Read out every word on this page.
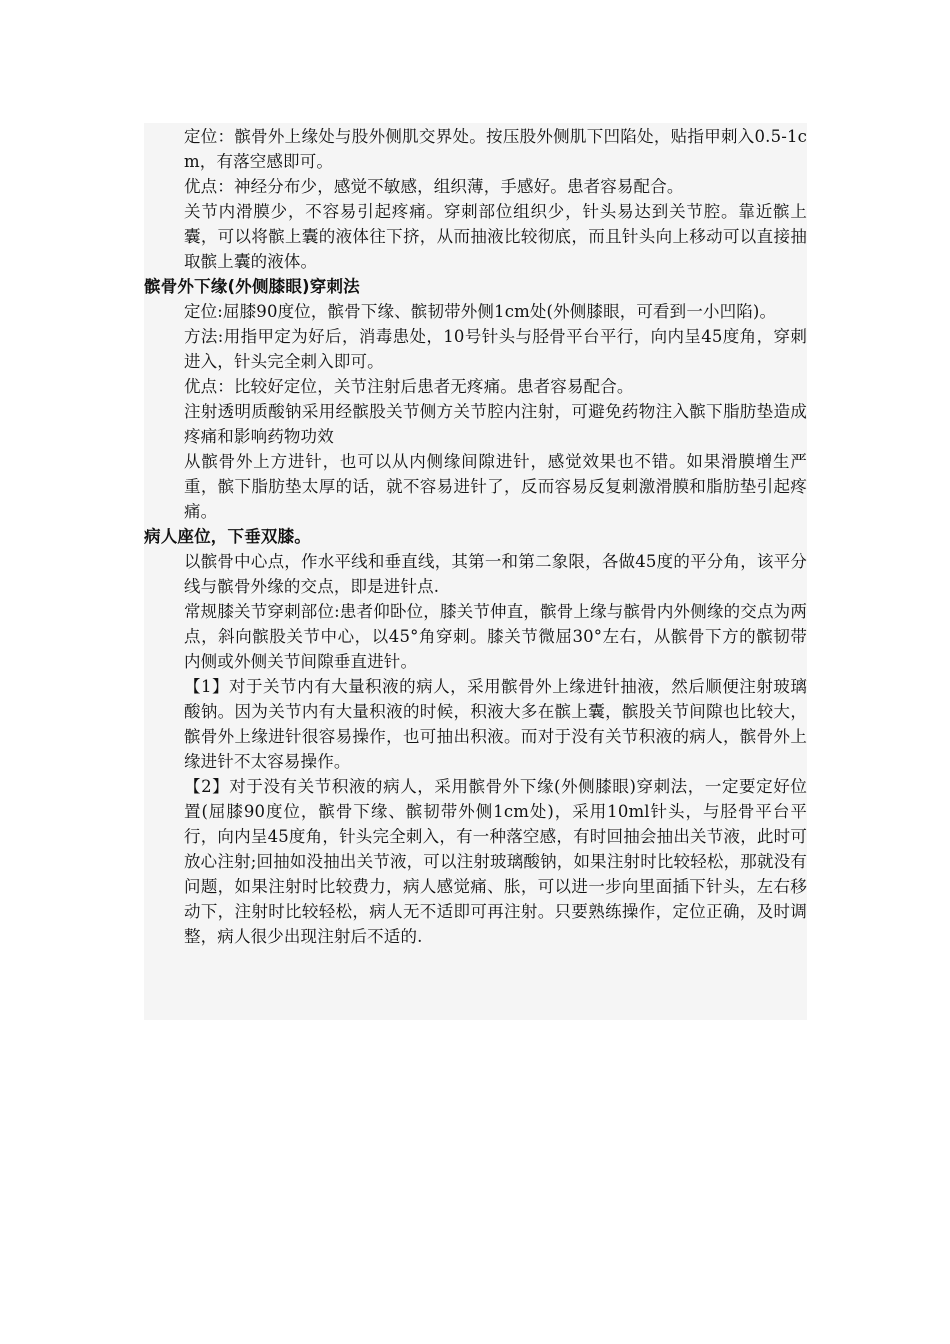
定位：髌骨外上缘处与股外侧肌交界处。按压股外侧肌下凹陷处，贴指甲刺入0.5-1cm，有落空感即可。

优点：神经分布少，感觉不敏感，组织薄，手感好。患者容易配合。

关节内滑膜少，不容易引起疼痛。穿刺部位组织少，针头易达到关节腔。靠近髌上囊，可以将髌上囊的液体往下挤，从而抽液比较彻底，而且针头向上移动可以直接抽取髌上囊的液体。

髌骨外下缘(外侧膝眼)穿刺法

定位:屈膝90度位，髌骨下缘、髌韧带外侧1cm处(外侧膝眼，可看到一小凹陷)。

方法:用指甲定为好后，消毒患处，10号针头与胫骨平台平行，向内呈45度角，穿刺进入，针头完全刺入即可。

优点：比较好定位，关节注射后患者无疼痛。患者容易配合。

注射透明质酸钠采用经髌股关节侧方关节腔内注射，可避免药物注入髌下脂肪垫造成疼痛和影响药物功效

从髌骨外上方进针，也可以从内侧缘间隙进针，感觉效果也不错。如果滑膜增生严重，髌下脂肪垫太厚的话，就不容易进针了，反而容易反复刺激滑膜和脂肪垫引起疼痛。

病人座位，下垂双膝。

以髌骨中心点，作水平线和垂直线，其第一和第二象限，各做45度的平分角，该平分线与髌骨外缘的交点，即是进针点.

常规膝关节穿刺部位:患者仰卧位，膝关节伸直，髌骨上缘与髌骨内外侧缘的交点为两点，斜向髌股关节中心，以45°角穿刺。膝关节微屈30°左右，从髌骨下方的髌韧带内侧或外侧关节间隙垂直进针。

【1】对于关节内有大量积液的病人，采用髌骨外上缘进针抽液，然后顺便注射玻璃酸钠。因为关节内有大量积液的时候，积液大多在髌上囊，髌股关节间隙也比较大，髌骨外上缘进针很容易操作，也可抽出积液。而对于没有关节积液的病人，髌骨外上缘进针不太容易操作。

【2】对于没有关节积液的病人，采用髌骨外下缘(外侧膝眼)穿刺法，一定要定好位置(屈膝90度位，髌骨下缘、髌韧带外侧1cm处)，采用10ml针头，与胫骨平台平行，向内呈45度角，针头完全刺入，有一种落空感，有时回抽会抽出关节液，此时可放心注射;回抽如没抽出关节液，可以注射玻璃酸钠，如果注射时比较轻松，那就没有问题，如果注射时比较费力，病人感觉痛、胀，可以进一步向里面插下针头，左右移动下，注射时比较轻松，病人无不适即可再注射。只要熟练操作，定位正确，及时调整，病人很少出现注射后不适的.
